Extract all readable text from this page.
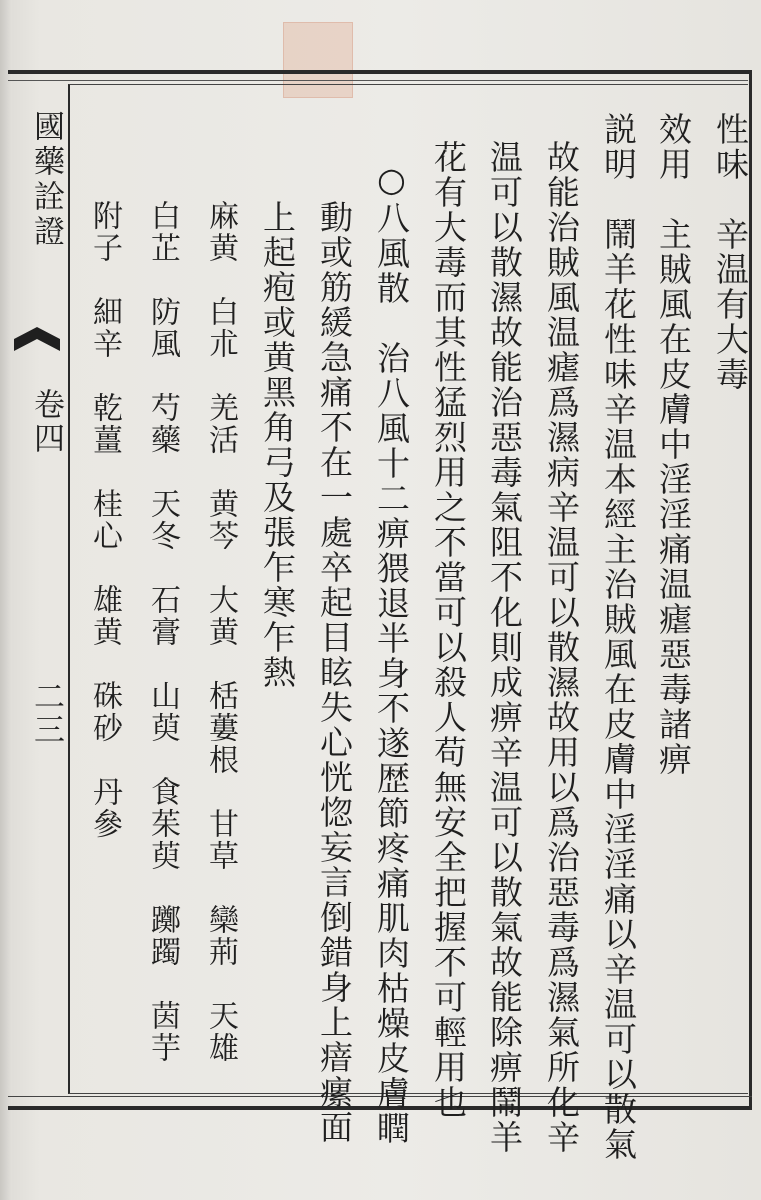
國藥詮證
卷四
二三
性味　辛温有大毒
效用　主賊風在皮膚中淫淫痛温瘧惡毒諸痹
説明　鬧羊花性味辛温本經主治賊風在皮膚中淫淫痛以辛温可以散氣
故能治賊風温瘧爲濕病辛温可以散濕故用以爲治惡毒爲濕氣所化辛
温可以散濕故能治惡毒氣阻不化則成痹辛温可以散氣故能除痹鬧羊
花有大毒而其性猛烈用之不當可以殺人苟無安全把握不可輕用也
○八風散　治八風十二痹猥退半身不遂歴節疼痛肌肉枯燥皮膚瞤
動或筋緩急痛不在一處卒起目眩失心恍惚妄言倒錯身上瘖瘰面
上起疱或黄黑角弓及張乍寒乍熱
麻黄　白朮　羌活　黄芩　大黄　栝蔞根　甘草　欒荊　天雄
白芷　防風　芍藥　天冬　石膏　山萸　食茱萸　躑躅　茵芋
附子　細辛　乾薑　桂心　雄黄　硃砂　丹參
